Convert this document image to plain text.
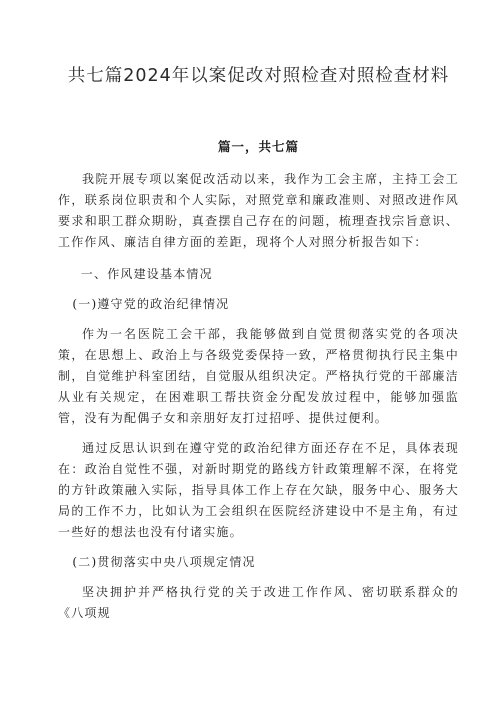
共七篇2024年以案促改对照检查对照检查材料
篇一，共七篇

我院开展专项以案促改活动以来，我作为工会主席，主持工会工作，联系岗位职责和个人实际，对照党章和廉政准则、对照改进作风要求和职工群众期盼，真查摆自己存在的问题，梳理查找宗旨意识、工作作风、廉洁自律方面的差距，现将个人对照分析报告如下：

一、作风建设基本情况
(一)遵守党的政治纪律情况

作为一名医院工会干部，我能够做到自觉贯彻落实党的各项决策，在思想上、政治上与各级党委保持一致，严格贯彻执行民主集中制，自觉维护科室团结，自觉服从组织决定。严格执行党的干部廉洁从业有关规定，在困难职工帮扶资金分配发放过程中，能够加强监管，没有为配偶子女和亲朋好友打过招呼、提供过便利。

通过反思认识到在遵守党的政治纪律方面还存在不足，具体表现在：政治自觉性不强，对新时期党的路线方针政策理解不深，在将党的方针政策融入实际，指导具体工作上存在欠缺，服务中心、服务大局的工作不力，比如认为工会组织在医院经济建设中不是主角，有过一些好的想法也没有付诸实施。

(二)贯彻落实中央八项规定情况

坚决拥护并严格执行党的关于改进工作作风、密切联系群众的《八项规
